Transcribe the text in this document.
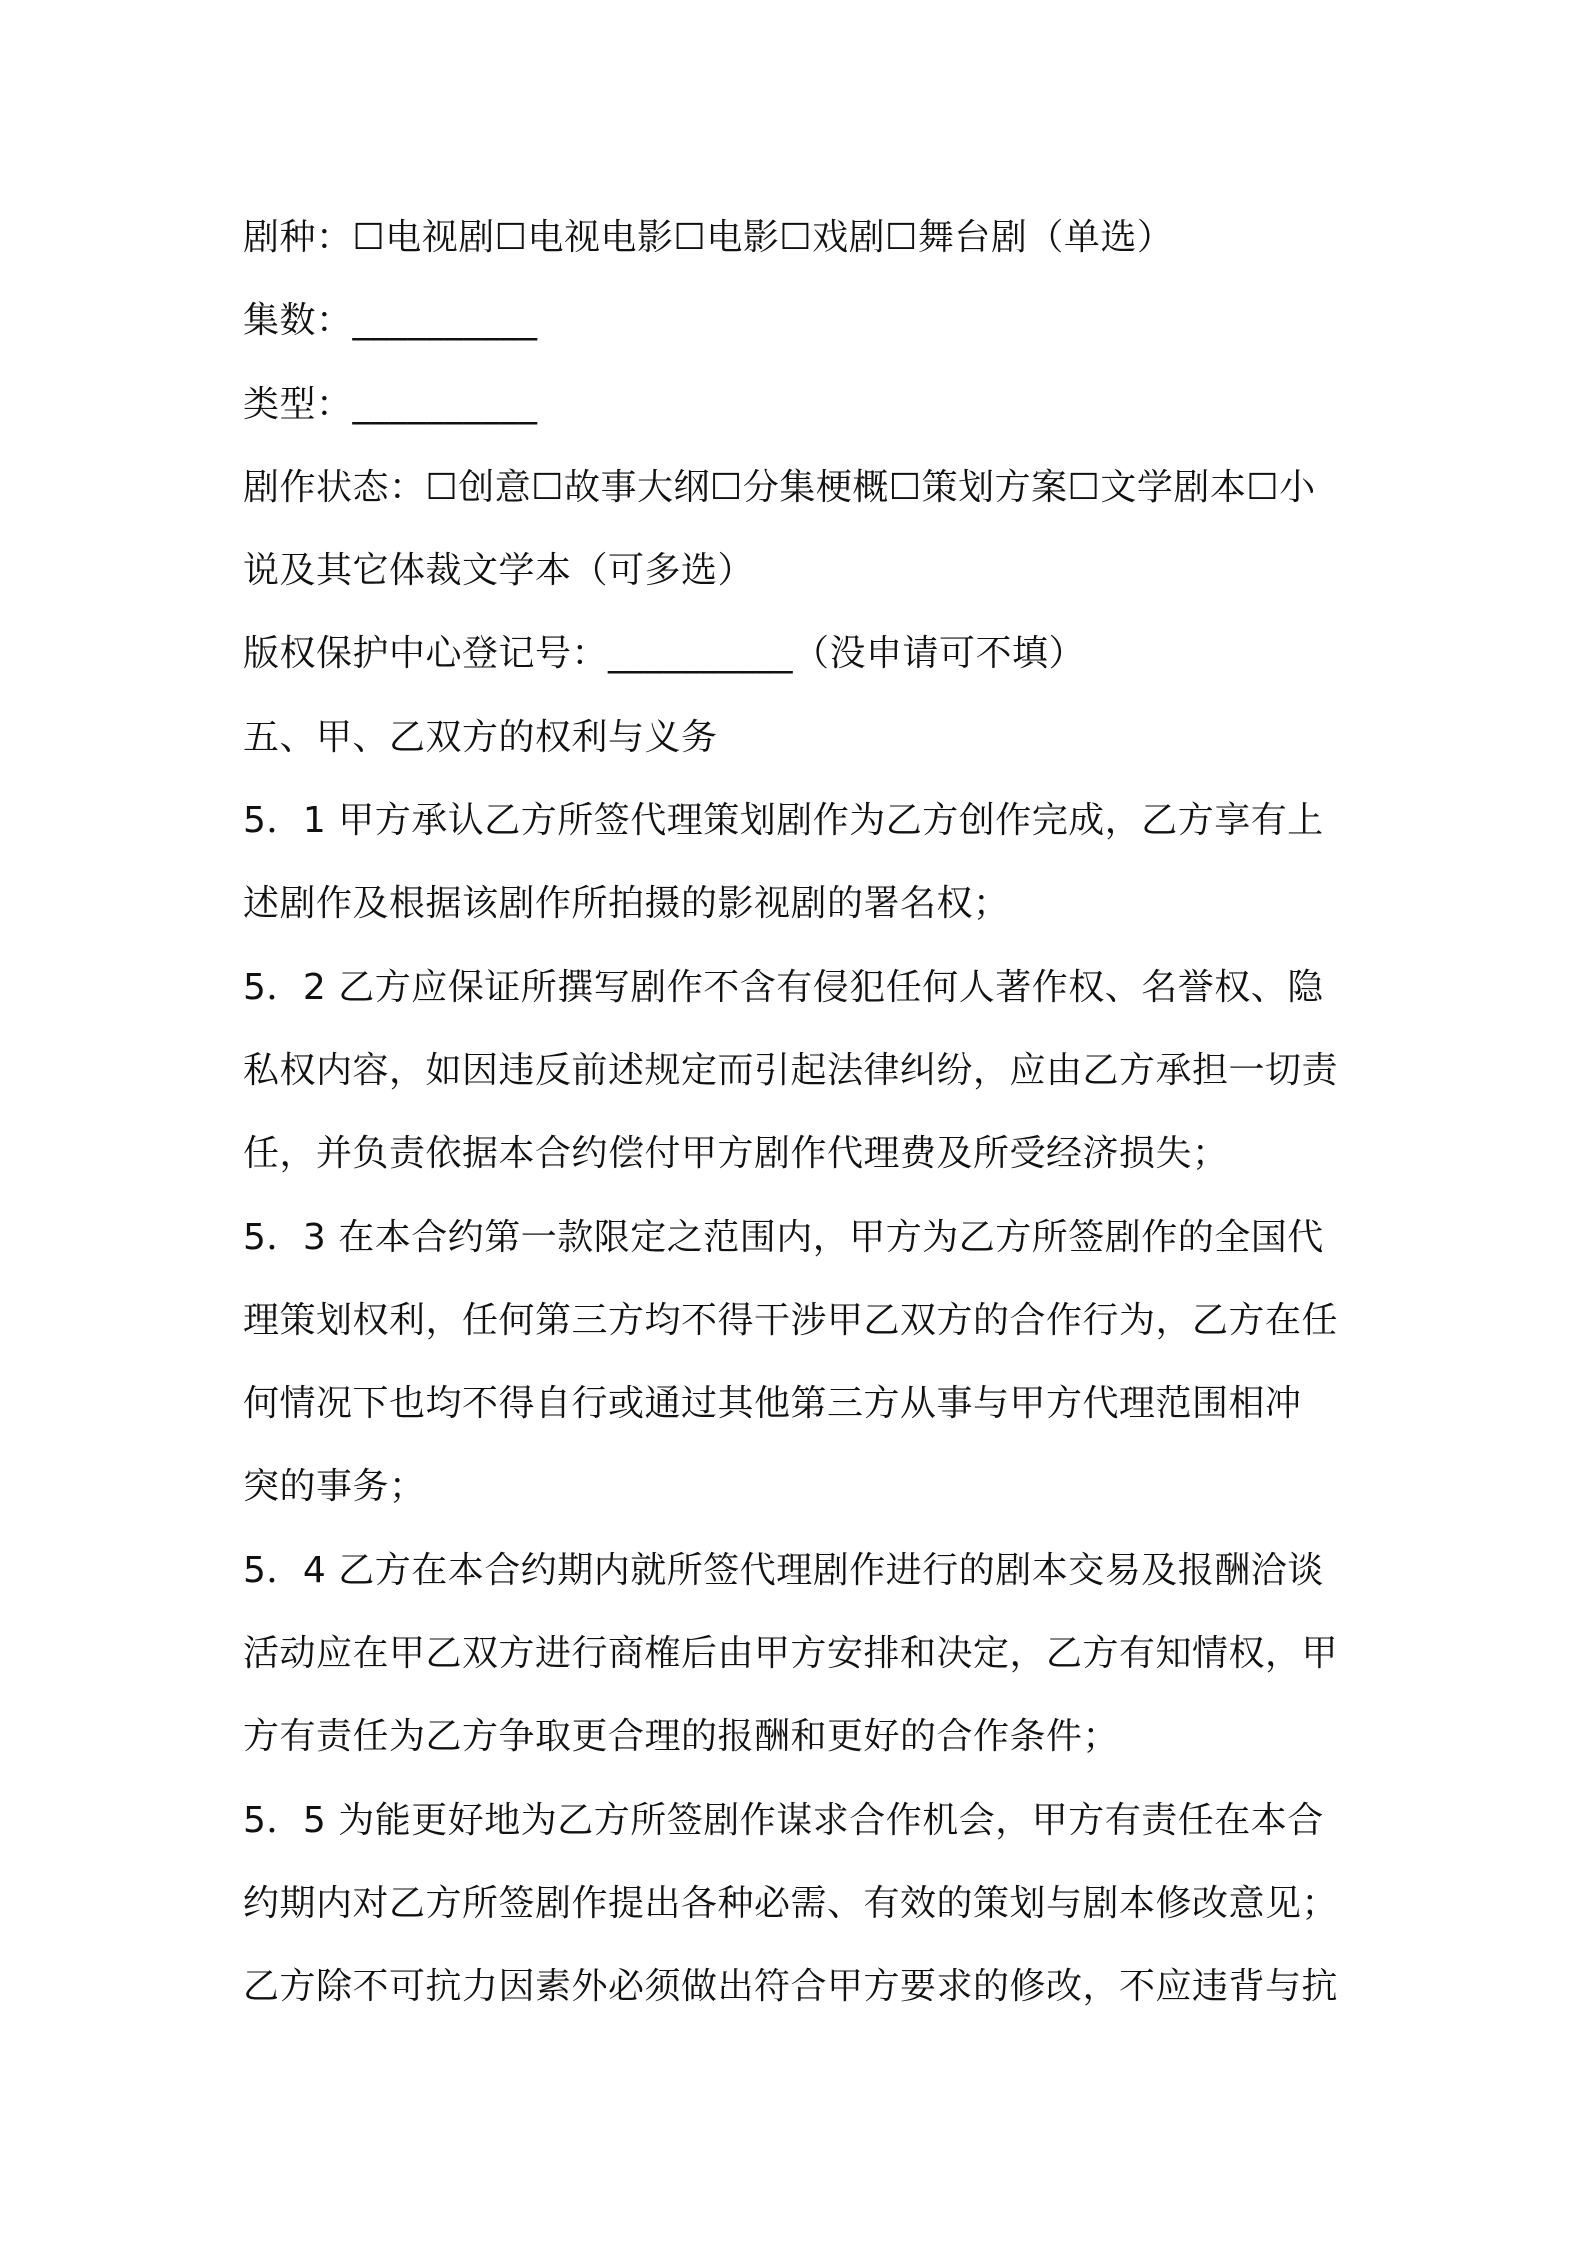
剧种：☐电视剧☐电视电影☐电影☐戏剧☐舞台剧（单选）
集数：__________
类型：__________
剧作状态：☐创意☐故事大纲☐分集梗概☐策划方案☐文学剧本☐小
说及其它体裁文学本（可多选）
版权保护中心登记号：__________（没申请可不填）
五、甲、乙双方的权利与义务
5．1 甲方承认乙方所签代理策划剧作为乙方创作完成，乙方享有上
述剧作及根据该剧作所拍摄的影视剧的署名权；
5．2 乙方应保证所撰写剧作不含有侵犯任何人著作权、名誉权、隐
私权内容，如因违反前述规定而引起法律纠纷，应由乙方承担一切责
任，并负责依据本合约偿付甲方剧作代理费及所受经济损失；
5．3 在本合约第一款限定之范围内，甲方为乙方所签剧作的全国代
理策划权利，任何第三方均不得干涉甲乙双方的合作行为，乙方在任
何情况下也均不得自行或通过其他第三方从事与甲方代理范围相冲
突的事务；
5．4 乙方在本合约期内就所签代理剧作进行的剧本交易及报酬洽谈
活动应在甲乙双方进行商榷后由甲方安排和决定，乙方有知情权，甲
方有责任为乙方争取更合理的报酬和更好的合作条件；
5．5 为能更好地为乙方所签剧作谋求合作机会，甲方有责任在本合
约期内对乙方所签剧作提出各种必需、有效的策划与剧本修改意见；
乙方除不可抗力因素外必须做出符合甲方要求的修改，不应违背与抗
